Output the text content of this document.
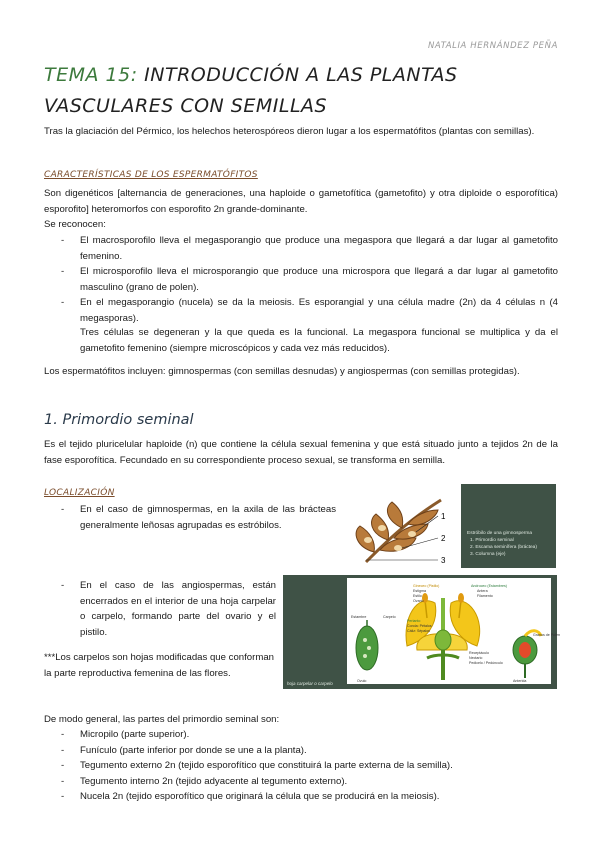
NATALIA HERNÁNDEZ PEÑA
TEMA 15: INTRODUCCIÓN A LAS PLANTAS VASCULARES CON SEMILLAS
Tras la glaciación del Pérmico, los helechos heterospóreos dieron lugar a los espermatófitos (plantas con semillas).
CARACTERÍSTICAS DE LOS ESPERMATÓFITOS
Son digenéticos [alternancia de generaciones, una haploide o gametofítica (gametofito) y otra diploide o esporofítica) esporofito] heteromorfos con esporofito 2n grande-dominante.
Se reconocen:
- El macrosporofilo lleva el megasporangio que produce una megaspora que llegará a dar lugar al gametofito femenino.
- El microsporofilo lleva el microsporangio que produce una microspora que llegará a dar lugar al gametofito masculino (grano de polen).
- En el megasporangio (nucela) se da la meiosis. Es esporangial y una célula madre (2n) da 4 células n (4 megasporas).
Tres células se degeneran y la que queda es la funcional. La megaspora funcional se multiplica y da el gametofito femenino (siempre microscópicos y cada vez más reducidos).
Los espermatófitos incluyen: gimnospermas (con semillas desnudas) y angiospermas (con semillas protegidas).
1. Primordio seminal
Es el tejido pluricelular haploide (n) que contiene la célula sexual femenina y que está situado junto a tejidos 2n de la fase esporofítica. Fecundado en su correspondiente proceso sexual, se transforma en semilla.
LOCALIZACIÓN
- En el caso de gimnospermas, en la axila de las brácteas generalmente leñosas agrupadas es estróbilos.
1
2
3
Estróbilo de una gimnosperma
1. Primordio seminal
2. Escama seminífera (bráctea)
3. Columna (eje)
- En el caso de las angiospermas, están encerrados en el interior de una hoja carpelar o carpelo, formando parte del ovario y el pistilo.
***Los carpelos son hojas modificadas que conforman la parte reproductiva femenina de las flores.
Gineceo (Pistilo)
Estigma
Estilo
Ovario
Androceo (Estambres)
Antera
Filamento
Perianto
Corola: Pétalos
Cáliz: Sépalos
Receptáculo
Nectario
Pedicelo / Pedúnculo
Ovulo
Estambre	Carpelo
Anterida
Granos de Polen
hoja carpelar o carpelo
De modo general, las partes del primordio seminal son:
- Micropilo (parte superior).
- Funículo (parte inferior por donde se une a la planta).
- Tegumento externo 2n (tejido esporofítico que constituirá la parte externa de la semilla).
- Tegumento interno 2n (tejido adyacente al tegumento externo).
- Nucela 2n (tejido esporofítico que originará la célula que se producirá en la meiosis).
